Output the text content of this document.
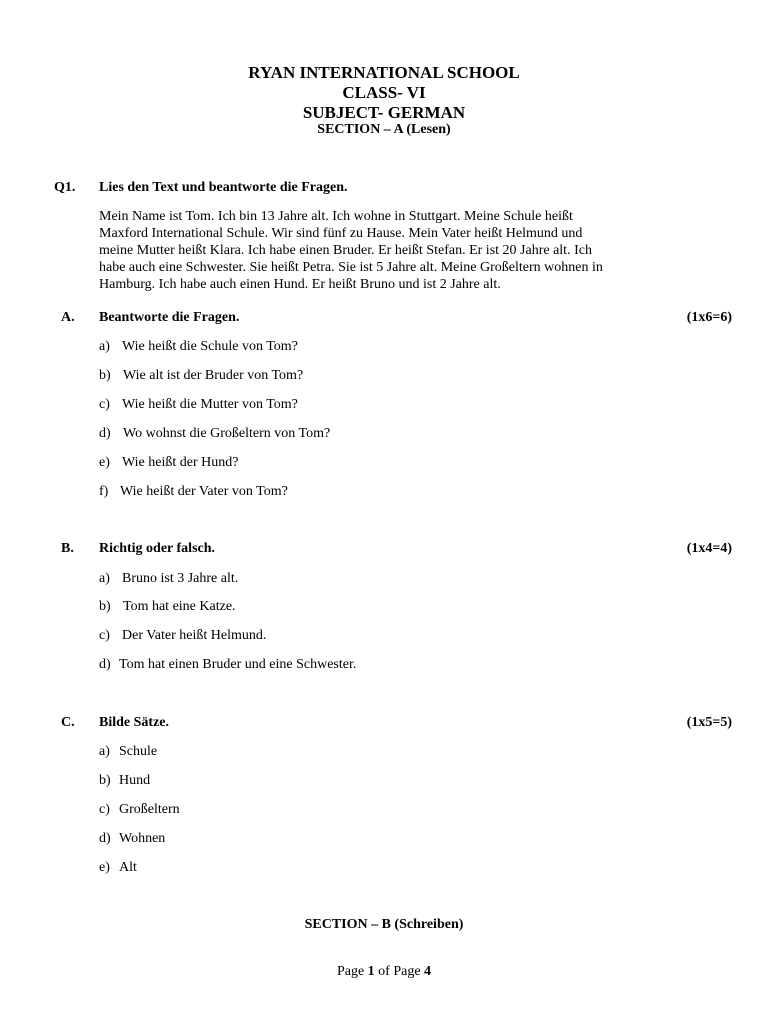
RYAN INTERNATIONAL SCHOOL
CLASS- VI
SUBJECT- GERMAN
SECTION – A (Lesen)
Q1. Lies den Text und beantworte die Fragen.
Mein Name ist Tom. Ich bin 13 Jahre alt. Ich wohne in Stuttgart. Meine Schule heißt
Maxford International Schule. Wir sind fünf zu Hause. Mein Vater heißt Helmund und
meine Mutter heißt Klara. Ich habe einen Bruder. Er heißt Stefan. Er ist 20 Jahre alt. Ich
habe auch eine Schwester. Sie heißt Petra. Sie ist 5 Jahre alt. Meine Großeltern wohnen in
Hamburg. Ich habe auch einen Hund. Er heißt Bruno und ist 2 Jahre alt.
A. Beantworte die Fragen.	(1x6=6)
a) Wie heißt die Schule von Tom?
b) Wie alt ist der Bruder von Tom?
c) Wie heißt die Mutter von Tom?
d) Wo wohnst die Großeltern von Tom?
e) Wie heißt der Hund?
f) Wie heißt der Vater von Tom?
B. Richtig oder falsch.	(1x4=4)
a) Bruno ist 3 Jahre alt.
b) Tom hat eine Katze.
c) Der Vater heißt Helmund.
d) Tom hat einen Bruder und eine Schwester.
C. Bilde Sätze.	(1x5=5)
a) Schule
b) Hund
c) Großeltern
d) Wohnen
e) Alt
SECTION – B (Schreiben)
Page 1 of Page 4
